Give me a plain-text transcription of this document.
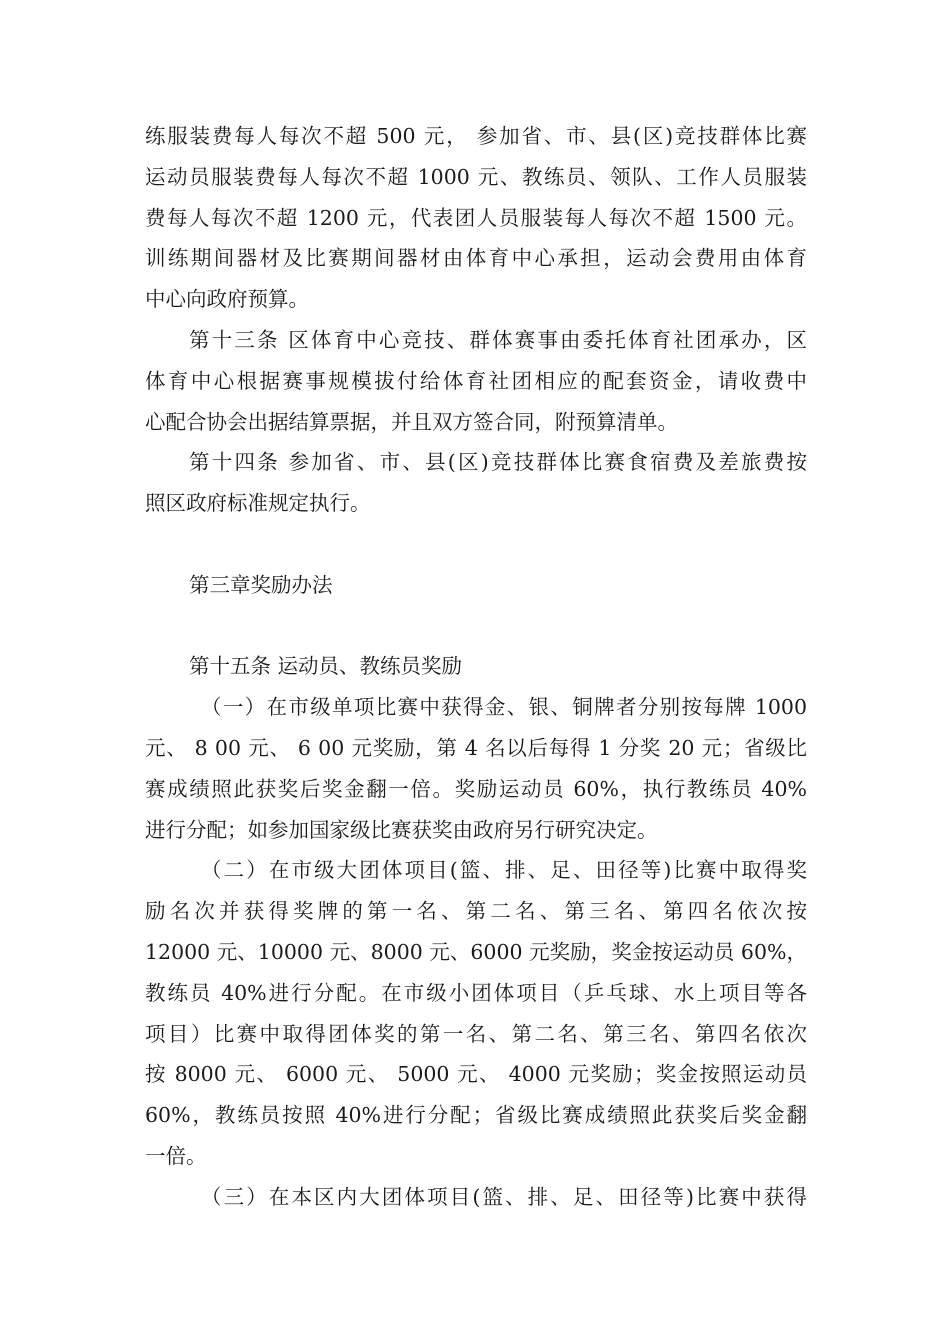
练服装费每人每次不超 500 元， 参加省、市、县(区)竞技群体比赛
运动员服装费每人每次不超 1000 元、教练员、领队、工作人员服装
费每人每次不超 1200 元，代表团人员服装每人每次不超 1500 元。
训练期间器材及比赛期间器材由体育中心承担，运动会费用由体育
中心向政府预算。
第十三条 区体育中心竞技、群体赛事由委托体育社团承办，区
体育中心根据赛事规模拔付给体育社团相应的配套资金，请收费中
心配合协会出据结算票据，并且双方签合同，附预算清单。
第十四条 参加省、市、县(区)竞技群体比赛食宿费及差旅费按
照区政府标准规定执行。
第三章奖励办法
第十五条 运动员、教练员奖励
（一）在市级单项比赛中获得金、银、铜牌者分别按每牌 1000
元、 8 00 元、 6 00 元奖励，第 4 名以后每得 1 分奖 20 元；省级比
赛成绩照此获奖后奖金翻一倍。奖励运动员 60%，执行教练员 40%
进行分配；如参加国家级比赛获奖由政府另行研究决定。
（二）在市级大团体项目(篮、排、足、田径等)比赛中取得奖
励名次并获得奖牌的第一名、第二名、第三名、第四名依次按
12000 元、10000 元、8000 元、6000 元奖励，奖金按运动员 60%，
教练员 40%进行分配。在市级小团体项目（乒乓球、水上项目等各
项目）比赛中取得团体奖的第一名、第二名、第三名、第四名依次
按 8000 元、 6000 元、 5000 元、 4000 元奖励；奖金按照运动员
60%，教练员按照 40%进行分配；省级比赛成绩照此获奖后奖金翻
一倍。
（三）在本区内大团体项目(篮、排、足、田径等)比赛中获得
